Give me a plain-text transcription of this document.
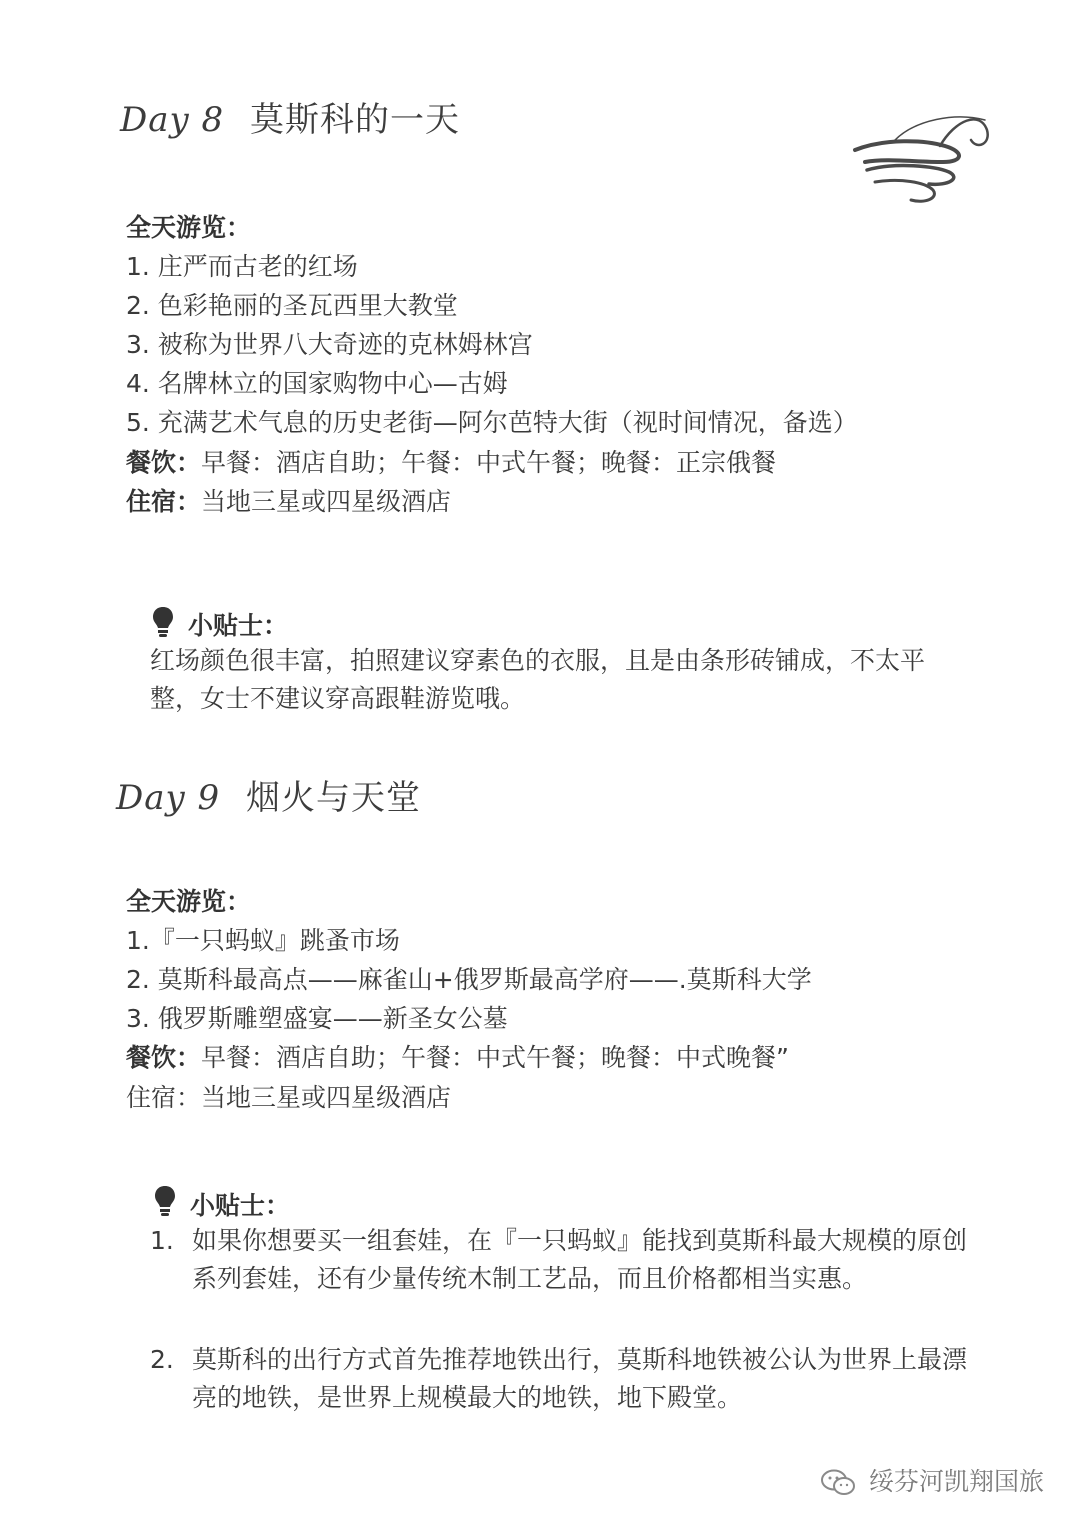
Day 8 莫斯科的一天
全天游览：
1. 庄严而古老的红场
2. 色彩艳丽的圣瓦西里大教堂
3. 被称为世界八大奇迹的克林姆林宫
4. 名牌林立的国家购物中心—古姆
5. 充满艺术气息的历史老街—阿尔芭特大街（视时间情况，备选）
餐饮：早餐：酒店自助；午餐：中式午餐；晚餐：正宗俄餐
住宿：当地三星或四星级酒店
小贴士：
红场颜色很丰富，拍照建议穿素色的衣服，且是由条形砖铺成，不太平整，女士不建议穿高跟鞋游览哦。
Day 9 烟火与天堂
全天游览：
1.『一只蚂蚁』跳蚤市场
2. 莫斯科最高点——麻雀山+俄罗斯最高学府——.莫斯科大学
3. 俄罗斯雕塑盛宴——新圣女公墓
餐饮：早餐：酒店自助；午餐：中式午餐；晚餐：中式晚餐”
住宿：当地三星或四星级酒店
小贴士：
1. 如果你想要买一组套娃，在『一只蚂蚁』能找到莫斯科最大规模的原创系列套娃，还有少量传统木制工艺品，而且价格都相当实惠。
2. 莫斯科的出行方式首先推荐地铁出行，莫斯科地铁被公认为世界上最漂亮的地铁，是世界上规模最大的地铁，地下殿堂。
绥芬河凯翔国旅
